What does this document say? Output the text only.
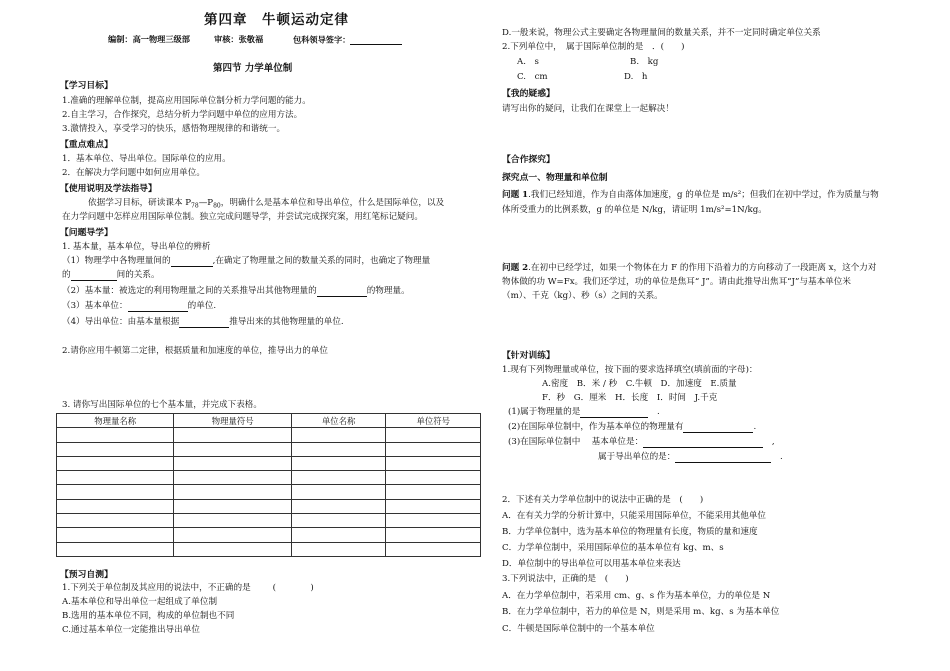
第四章　牛顿运动定律
编制：高一物理三级部	审核：张敬福	包科领导签字：
第四节 力学单位制
【学习目标】
1.准确的理解单位制，提高应用国际单位制分析力学问题的能力。
2.自主学习，合作探究，总结分析力学问题中单位的应用方法。
3.激情投入，享受学习的快乐，感悟物理规律的和谐统一。
【重点难点】
1．基本单位、导出单位。国际单位的应用。
2．在解决力学问题中如何应用单位。
【使用说明及学法指导】
依据学习目标，研读课本 $P_{78}—P_{80}$，明确什么是基本单位和导出单位，什么是国际单位，以及
在力学问题中怎样应用国际单位制。独立完成问题导学，并尝试完成探究案，用红笔标记疑问。
【问题导学】
1. 基本量，基本单位，导出单位的辨析
（1）物理学中各物理量间的	,在确定了物理量之间的数量关系的同时，也确定了物理量
的	间的关系。
（2）基本量：被选定的利用物理量之间的关系推导出其他物理量的	的物理量。
（3）基本单位：	的单位.
（4）导出单位：由基本量根据	推导出来的其他物理量的单位.
2.请你应用牛顿第二定律，根据质量和加速度的单位，推导出力的单位
3. 请你写出国际单位的七个基本量，并完成下表格。
物理量名称	物理量符号	单位名称	单位符号

【预习自测】
1.下列关于单位制及其应用的说法中，不正确的是	(　　　　)
A.基本单位和导出单位一起组成了单位制
B.选用的基本单位不同，构成的单位制也不同
C.通过基本单位一定能推出导出单位
D.一般来说，物理公式主要确定各物理量间的数量关系，并不一定同时确定单位关系
2.下列单位中，　属于国际单位制的是　．(　　)
A.　s	B.　kg
C.　cm	D.　h
【我的疑惑】
请写出你的疑问，让我们在课堂上一起解决！
【合作探究】
探究点一、物理量和单位制
问题 1.我们已经知道，作为自由落体加速度，g 的单位是 m/s²；但我们在初中学过，作为质量与物
体所受重力的比例系数，g 的单位是 N/kg，请证明 1m/s²=1N/kg。
问题 2.在初中已经学过，如果一个物体在力 F 的作用下沿着力的方向移动了一段距离 x，这个力对
物体做的功 W=Fx。我们还学过，功的单位是焦耳“ J”。请由此推导出焦耳“J”与基本单位米
（m）、千克（kg）、秒（s）之间的关系。
【针对训练】
1.现有下列物理量或单位，按下面的要求选择填空(填前面的字母)：
A.密度　B．米 / 秒　C.牛顿　D．加速度　E.质量
F．秒　G．厘米　H．长度　I．时间　J.千克
(1)属于物理量的是	　.
(2)在国际单位制中，作为基本单位的物理量有	.
(3)在国际单位制中　 基本单位是：	　,
属于导出单位的是：	　.
2．下述有关力学单位制中的说法中正确的是　(　　)
A．在有关力学的分析计算中，只能采用国际单位，不能采用其他单位
B．力学单位制中，选为基本单位的物理量有长度，物质的量和速度
C．力学单位制中，采用国际单位的基本单位有 kg、m、s
D．单位制中的导出单位可以用基本单位来表达
3.下列说法中，正确的是　(　　)
A．在力学单位制中，若采用 cm、g、s 作为基本单位，力的单位是 N
B．在力学单位制中，若力的单位是 N，则是采用 m、kg、s 为基本单位
C．牛顿是国际单位制中的一个基本单位
